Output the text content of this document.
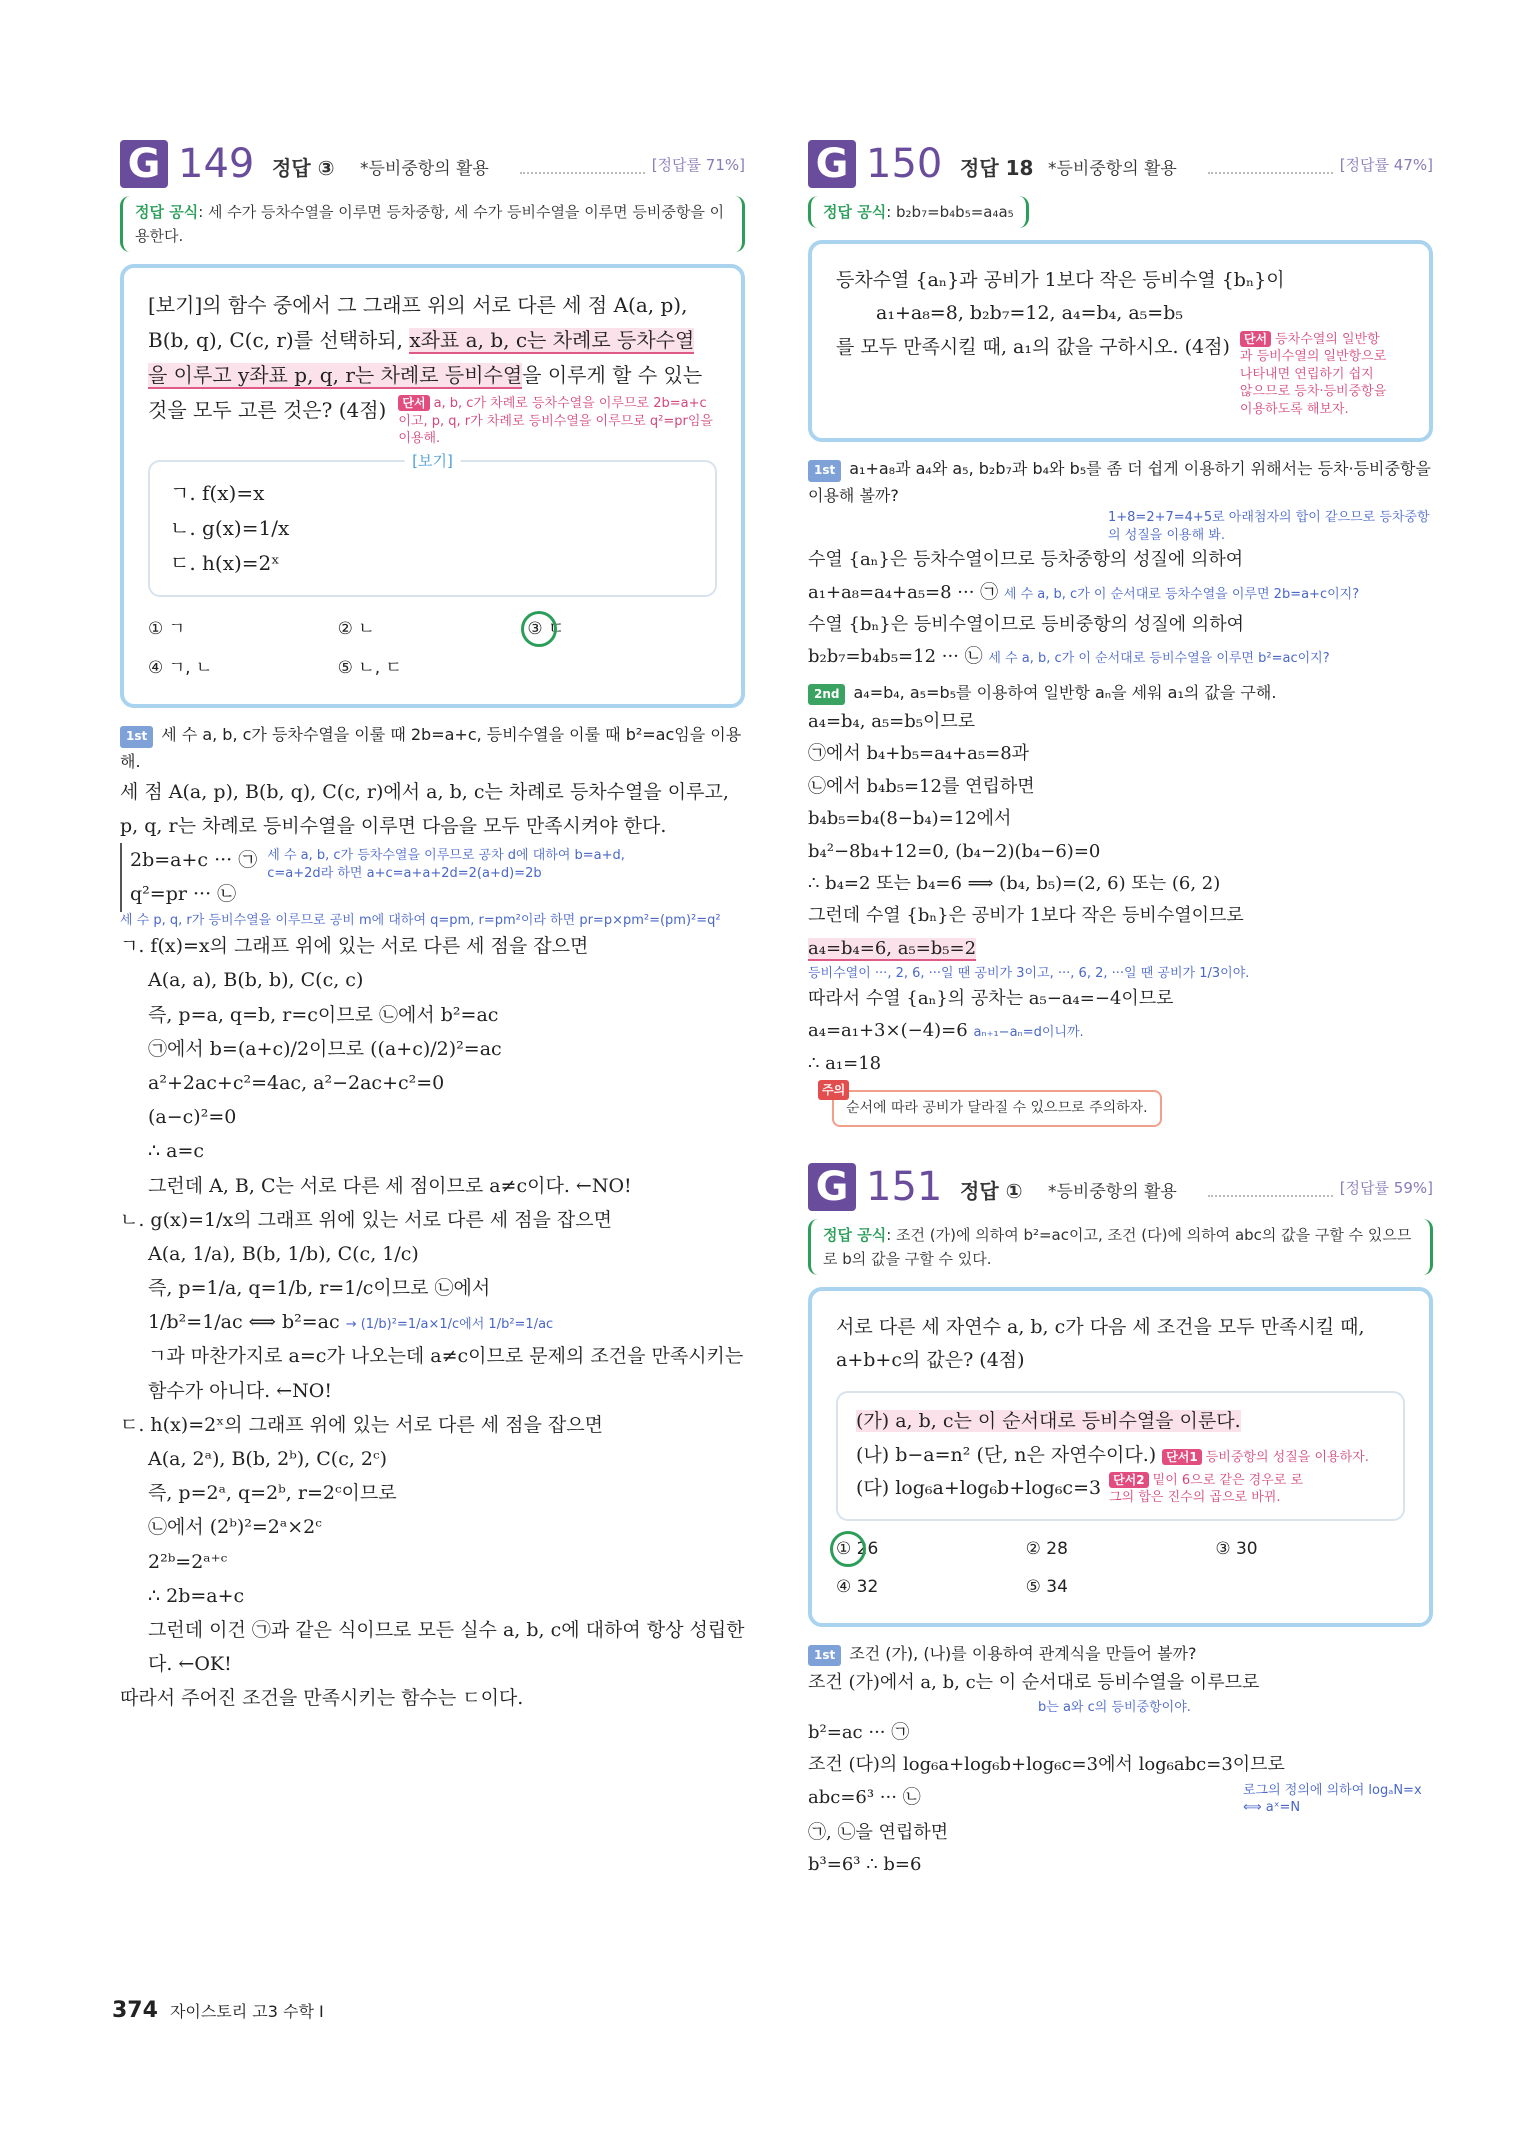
G 149 정답 ③ *등비중항의 활용	[정답률 71%]
정답 공식: 세 수가 등차수열을 이루면 등차중항, 세 수가 등비수열을 이루면 등비중항을 이용한다.
[보기]의 함수 중에서 그 그래프 위의 서로 다른 세 점 A(a, p),
B(b, q), C(c, r)를 선택하되, x좌표 a, b, c는 차례로 등차수열
을 이루고 y좌표 p, q, r는 차례로 등비수열을 이루게 할 수 있는
것을 모두 고른 것은? (4점)	단서 a, b, c가 차례로 등차수열을 이루므로 2b=a+c이고, p, q, r가 차례로 등비수열을 이루므로 q²=pr임을 이용해.
[보기]
ㄱ. f(x)=x
ㄴ. g(x)=1/x
ㄷ. h(x)=2ˣ
① ㄱ	② ㄴ	③ ㄷ
④ ㄱ, ㄴ	⑤ ㄴ, ㄷ
1st 세 수 a, b, c가 등차수열을 이룰 때 2b=a+c, 등비수열을 이룰 때 b²=ac임을 이용해.

세 점 A(a, p), B(b, q), C(c, r)에서 a, b, c는 차례로 등차수열을 이루고, p, q, r는 차례로 등비수열을 이루면 다음을 모두 만족시켜야 한다.

2b=a+c ··· ㉠

q²=pr ··· ㉡

세 수 a, b, c가 등차수열을 이루므로 공차 d에 대하여 b=a+d, c=a+2d라 하면 a+c=a+a+2d=2(a+d)=2b
세 수 p, q, r가 등비수열을 이루므로 공비 m에 대하여 q=pm, r=pm²이라 하면 pr=p×pm²=(pm)²=q²

ㄱ. f(x)=x의 그래프 위에 있는 서로 다른 세 점을 잡으면

A(a, a), B(b, b), C(c, c)

즉, p=a, q=b, r=c이므로 ㉡에서 b²=ac

㉠에서 b=(a+c)/2이므로 ((a+c)/2)²=ac

a²+2ac+c²=4ac, a²−2ac+c²=0

(a−c)²=0

∴ a=c

그런데 A, B, C는 서로 다른 세 점이므로 a≠c이다. ←NO!

ㄴ. g(x)=1/x의 그래프 위에 있는 서로 다른 세 점을 잡으면

A(a, 1/a), B(b, 1/b), C(c, 1/c)

즉, p=1/a, q=1/b, r=1/c이므로 ㉡에서

1/b²=1/ac ⟺ b²=ac → (1/b)²=1/a×1/c에서 1/b²=1/ac

ㄱ과 마찬가지로 a=c가 나오는데 a≠c이므로 문제의 조건을 만족시키는 함수가 아니다. ←NO!

ㄷ. h(x)=2ˣ의 그래프 위에 있는 서로 다른 세 점을 잡으면

A(a, 2ᵃ), B(b, 2ᵇ), C(c, 2ᶜ)

즉, p=2ᵃ, q=2ᵇ, r=2ᶜ이므로

㉡에서 (2ᵇ)²=2ᵃ×2ᶜ

2²ᵇ=2ᵃ⁺ᶜ

∴ 2b=a+c

그런데 이건 ㉠과 같은 식이므로 모든 실수 a, b, c에 대하여 항상 성립한다. ←OK!

따라서 주어진 조건을 만족시키는 함수는 ㄷ이다.

G 150 정답 18 *등비중항의 활용	[정답률 47%]
정답 공식: b₂b₇=b₄b₅=a₄a₅
등차수열 {aₙ}과 공비가 1보다 작은 등비수열 {bₙ}이
a₁+a₈=8, b₂b₇=12, a₄=b₄, a₅=b₅
를 모두 만족시킬 때, a₁의 값을 구하시오. (4점)	단서 등차수열의 일반항과 등비수열의 일반항으로 나타내면 연립하기 쉽지 않으므로 등차·등비중항을 이용하도록 해보자.
1st a₁+a₈과 a₄와 a₅, b₂b₇과 b₄와 b₅를 좀 더 쉽게 이용하기 위해서는 등차·등비중항을 이용해 볼까?
1+8=2+7=4+5로 아래첨자의 합이 같으므로 등차중항의 성질을 이용해 봐.

수열 {aₙ}은 등차수열이므로 등차중항의 성질에 의하여

a₁+a₈=a₄+a₅=8 ··· ㉠ 세 수 a, b, c가 이 순서대로 등차수열을 이루면 2b=a+c이지?

수열 {bₙ}은 등비수열이므로 등비중항의 성질에 의하여

b₂b₇=b₄b₅=12 ··· ㉡ 세 수 a, b, c가 이 순서대로 등비수열을 이루면 b²=ac이지?

2nd a₄=b₄, a₅=b₅를 이용하여 일반항 aₙ을 세워 a₁의 값을 구해.

a₄=b₄, a₅=b₅이므로

㉠에서 b₄+b₅=a₄+a₅=8과

㉡에서 b₄b₅=12를 연립하면

b₄b₅=b₄(8−b₄)=12에서

b₄²−8b₄+12=0, (b₄−2)(b₄−6)=0

∴ b₄=2 또는 b₄=6 ⟹ (b₄, b₅)=(2, 6) 또는 (6, 2)

그런데 수열 {bₙ}은 공비가 1보다 작은 등비수열이므로

a₄=b₄=6, a₅=b₅=2

등비수열이 ···, 2, 6, ···일 땐 공비가 3이고, ···, 6, 2, ···일 땐 공비가 1/3이야.

따라서 수열 {aₙ}의 공차는 a₅−a₄=−4이므로

a₄=a₁+3×(−4)=6 aₙ₊₁−aₙ=d이니까.

∴ a₁=18

주의
순서에 따라 공비가 달라질 수 있으므로 주의하자.
G 151 정답 ① *등비중항의 활용	[정답률 59%]
정답 공식: 조건 (가)에 의하여 b²=ac이고, 조건 (다)에 의하여 abc의 값을 구할 수 있으므로 b의 값을 구할 수 있다.
서로 다른 세 자연수 a, b, c가 다음 세 조건을 모두 만족시킬 때,
a+b+c의 값은? (4점)
(가) a, b, c는 이 순서대로 등비수열을 이룬다.
(나) b−a=n² (단, n은 자연수이다.) 단서1 등비중항의 성질을 이용하자.
(다) log₆a+log₆b+log₆c=3	단서2 밑이 6으로 같은 경우로 로그의 합은 진수의 곱으로 바뀌.
① 26	② 28	③ 30
④ 32	⑤ 34
1st 조건 (가), (나)를 이용하여 관계식을 만들어 볼까?

조건 (가)에서 a, b, c는 이 순서대로 등비수열을 이루므로

b는 a와 c의 등비중항이야.

b²=ac ··· ㉠

조건 (다)의 log₆a+log₆b+log₆c=3에서 log₆abc=3이므로

abc=6³ ··· ㉡	로그의 정의에 의하여 logₐN=x ⟺ aˣ=N

㉠, ㉡을 연립하면

b³=6³ ∴ b=6

374 자이스토리 고3 수학 I
